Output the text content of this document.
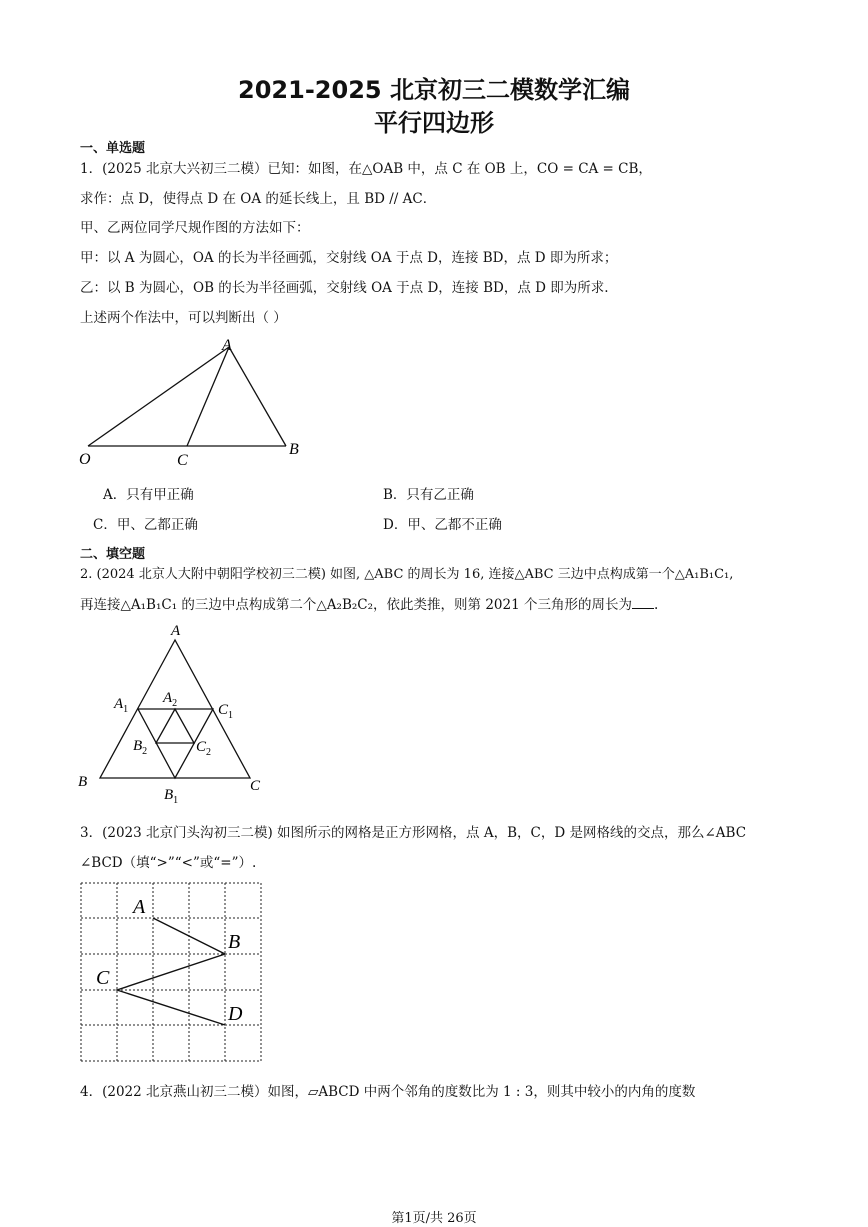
2021-2025 北京初三二模数学汇编
平行四边形
一、单选题
1．(2025 北京大兴初三二模）已知：如图，在△OAB 中，点 C 在 OB 上，CO = CA = CB，
求作：点 D，使得点 D 在 OA 的延长线上，且 BD // AC．
甲、乙两位同学尺规作图的方法如下：
甲：以 A 为圆心，OA 的长为半径画弧，交射线 OA 于点 D，连接 BD，点 D 即为所求；
乙：以 B 为圆心，OB 的长为半径画弧，交射线 OA 于点 D，连接 BD，点 D 即为所求.
上述两个作法中，可以判断出（ ）
A
O	C
B
A．只有甲正确	B．只有乙正确
C．甲、乙都正确	D．甲、乙都不正确
二、填空题
2. (2024 北京人大附中朝阳学校初三二模) 如图, △ABC 的周长为 16, 连接△ABC 三边中点构成第一个△A₁B₁C₁,
再连接△A₁B₁C₁ 的三边中点构成第二个△A₂B₂C₂，依此类推，则第 2021 个三角形的周长为 .
A
$A_1$
$A_2$	$C_1$
$B_2$	$C_2$
B	C
$B_1$
3．(2023 北京门头沟初三二模) 如图所示的网格是正方形网格，点 A，B，C，D 是网格线的交点，那么∠ABC
∠BCD（填“>”“<”或“=”）.
A
B
C
D
4．(2022 北京燕山初三二模）如图，▱ABCD 中两个邻角的度数比为 1 : 3，则其中较小的内角的度数
第1页/共 26页
